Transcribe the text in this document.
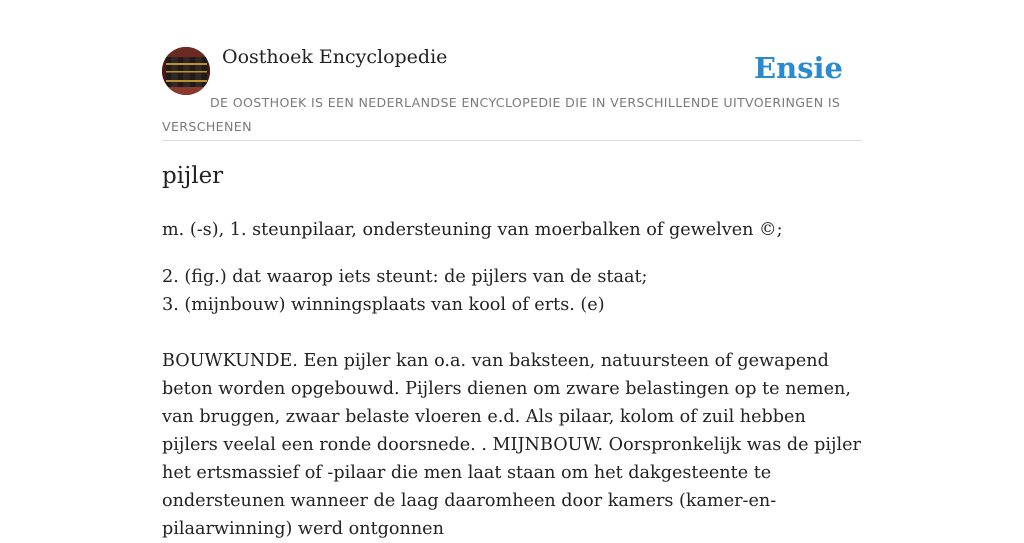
Oosthoek Encyclopedie	Ensie
DE OOSTHOEK IS EEN NEDERLANDSE ENCYCLOPEDIE DIE IN VERSCHILLENDE UITVOERINGEN IS VERSCHENEN
pijler

m. (-s), 1. steunpilaar, ondersteuning van moerbalken of gewelven ©;

2. (fig.) dat waarop iets steunt: de pijlers van de staat;

3. (mijnbouw) winningsplaats van kool of erts. (e)

BOUWKUNDE. Een pijler kan o.a. van baksteen, natuursteen of gewapend beton worden opgebouwd. Pijlers dienen om zware belastingen op te nemen, van bruggen, zwaar belaste vloeren e.d. Als pilaar, kolom of zuil hebben pijlers veelal een ronde doorsnede. . MIJNBOUW. Oorspronkelijk was de pijler het ertsmassief of -pilaar die men laat staan om het dakgesteente te ondersteunen wanneer de laag daaromheen door kamers (kamer-en-pilaarwinning) werd ontgonnen
